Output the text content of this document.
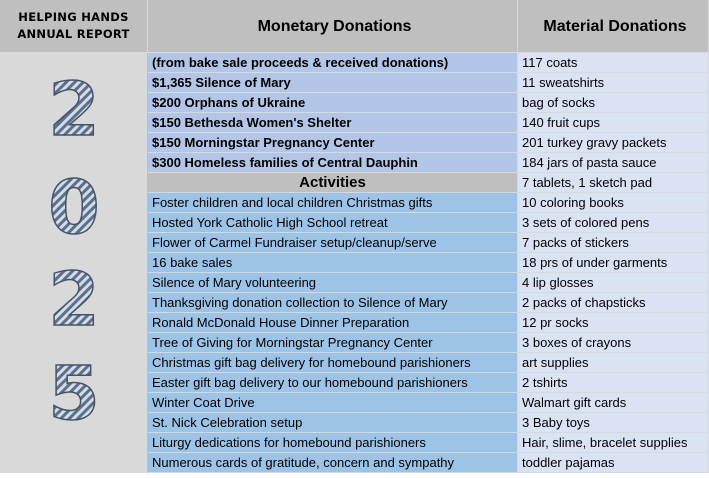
HELPING HANDS
ANNUAL REPORT	Monetary Donations	Material Donations
2
0
2
5
(from bake sale proceeds & received donations)
$1,365 Silence of Mary
$200 Orphans of Ukraine
$150 Bethesda Women's Shelter
$150 Morningstar Pregnancy Center
$300 Homeless families of Central Dauphin
Activities
Foster children and local children Christmas gifts
Hosted York Catholic High School retreat
Flower of Carmel Fundraiser setup/cleanup/serve
16 bake sales
Silence of Mary volunteering
Thanksgiving donation collection to Silence of Mary
Ronald McDonald House Dinner Preparation
Tree of Giving for Morningstar Pregnancy Center
Christmas gift bag delivery for homebound parishioners
Easter gift bag delivery to our homebound parishioners
Winter Coat Drive
St. Nick Celebration setup
Liturgy dedications for homebound parishioners
Numerous cards of gratitude, concern and sympathy
117 coats
11 sweatshirts
bag of socks
140 fruit cups
201 turkey gravy packets
184 jars of pasta sauce
7 tablets, 1 sketch pad
10 coloring books
3 sets of colored pens
7 packs of stickers
18 prs of under garments
4 lip glosses
2 packs of chapsticks
12 pr socks
3 boxes of crayons
art supplies
2 tshirts
Walmart gift cards
3 Baby toys
Hair, slime, bracelet supplies
toddler pajamas
